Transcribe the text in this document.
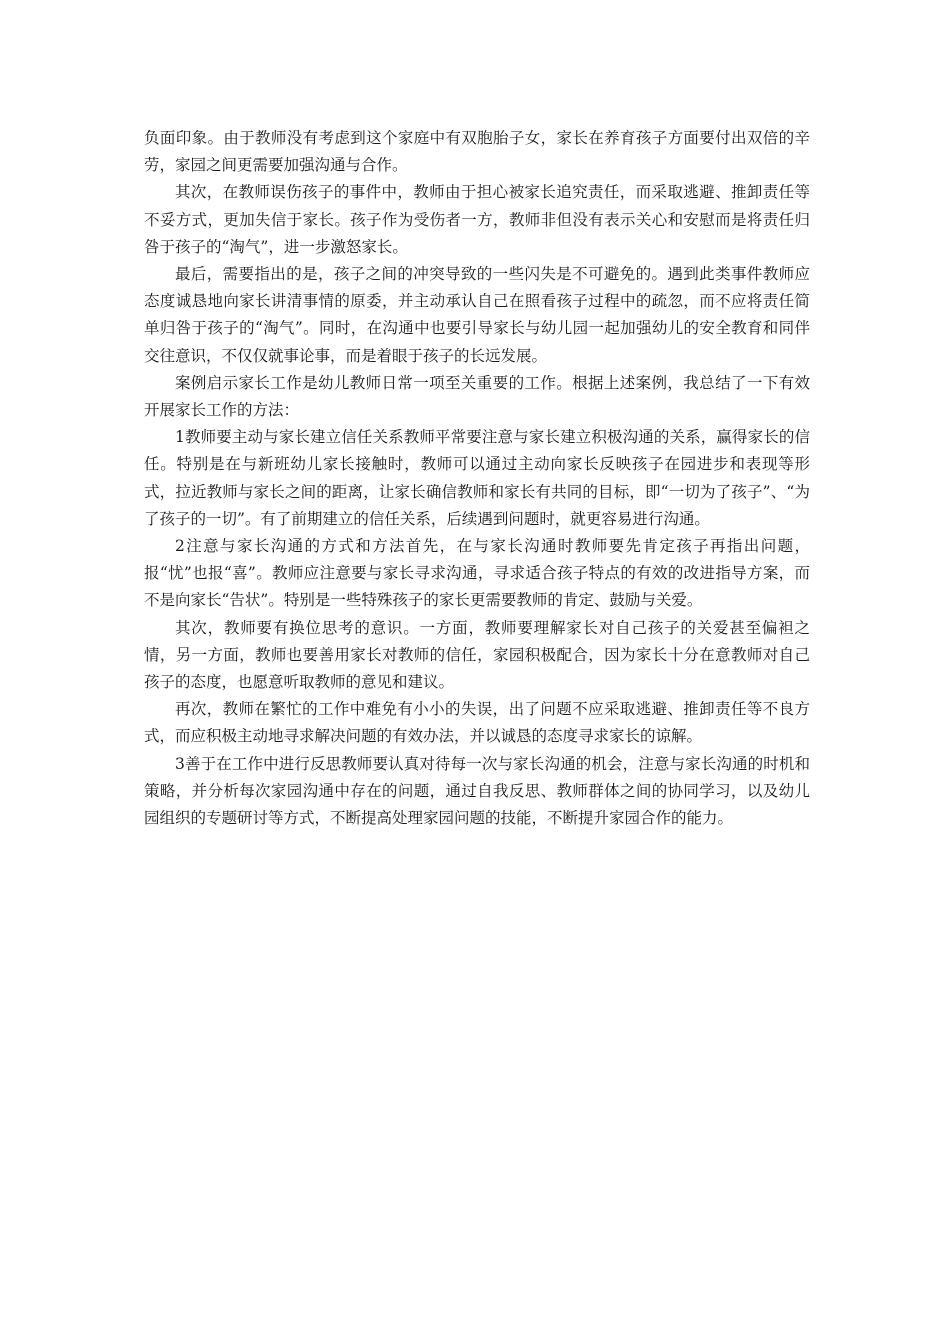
负面印象。由于教师没有考虑到这个家庭中有双胞胎子女，家长在养育孩子方面要付出双倍的辛劳，家园之间更需要加强沟通与合作。

其次，在教师误伤孩子的事件中，教师由于担心被家长追究责任，而采取逃避、推卸责任等不妥方式，更加失信于家长。孩子作为受伤者一方，教师非但没有表示关心和安慰而是将责任归咎于孩子的“淘气”，进一步激怒家长。

最后，需要指出的是，孩子之间的冲突导致的一些闪失是不可避免的。遇到此类事件教师应态度诚恳地向家长讲清事情的原委，并主动承认自己在照看孩子过程中的疏忽，而不应将责任简单归咎于孩子的“淘气”。同时，在沟通中也要引导家长与幼儿园一起加强幼儿的安全教育和同伴交往意识，不仅仅就事论事，而是着眼于孩子的长远发展。

案例启示家长工作是幼儿教师日常一项至关重要的工作。根据上述案例，我总结了一下有效开展家长工作的方法：

1教师要主动与家长建立信任关系教师平常要注意与家长建立积极沟通的关系，赢得家长的信任。特别是在与新班幼儿家长接触时，教师可以通过主动向家长反映孩子在园进步和表现等形式，拉近教师与家长之间的距离，让家长确信教师和家长有共同的目标，即“一切为了孩子”、“为了孩子的一切”。有了前期建立的信任关系，后续遇到问题时，就更容易进行沟通。

2注意与家长沟通的方式和方法首先，在与家长沟通时教师要先肯定孩子再指出问题，报“忧”也报“喜”。教师应注意要与家长寻求沟通，寻求适合孩子特点的有效的改进指导方案，而不是向家长“告状”。特别是一些特殊孩子的家长更需要教师的肯定、鼓励与关爱。

其次，教师要有换位思考的意识。一方面，教师要理解家长对自己孩子的关爱甚至偏袒之情，另一方面，教师也要善用家长对教师的信任，家园积极配合，因为家长十分在意教师对自己孩子的态度，也愿意听取教师的意见和建议。

再次，教师在繁忙的工作中难免有小小的失误，出了问题不应采取逃避、推卸责任等不良方式，而应积极主动地寻求解决问题的有效办法，并以诚恳的态度寻求家长的谅解。

3善于在工作中进行反思教师要认真对待每一次与家长沟通的机会，注意与家长沟通的时机和策略，并分析每次家园沟通中存在的问题，通过自我反思、教师群体之间的协同学习，以及幼儿园组织的专题研讨等方式，不断提高处理家园问题的技能，不断提升家园合作的能力。
